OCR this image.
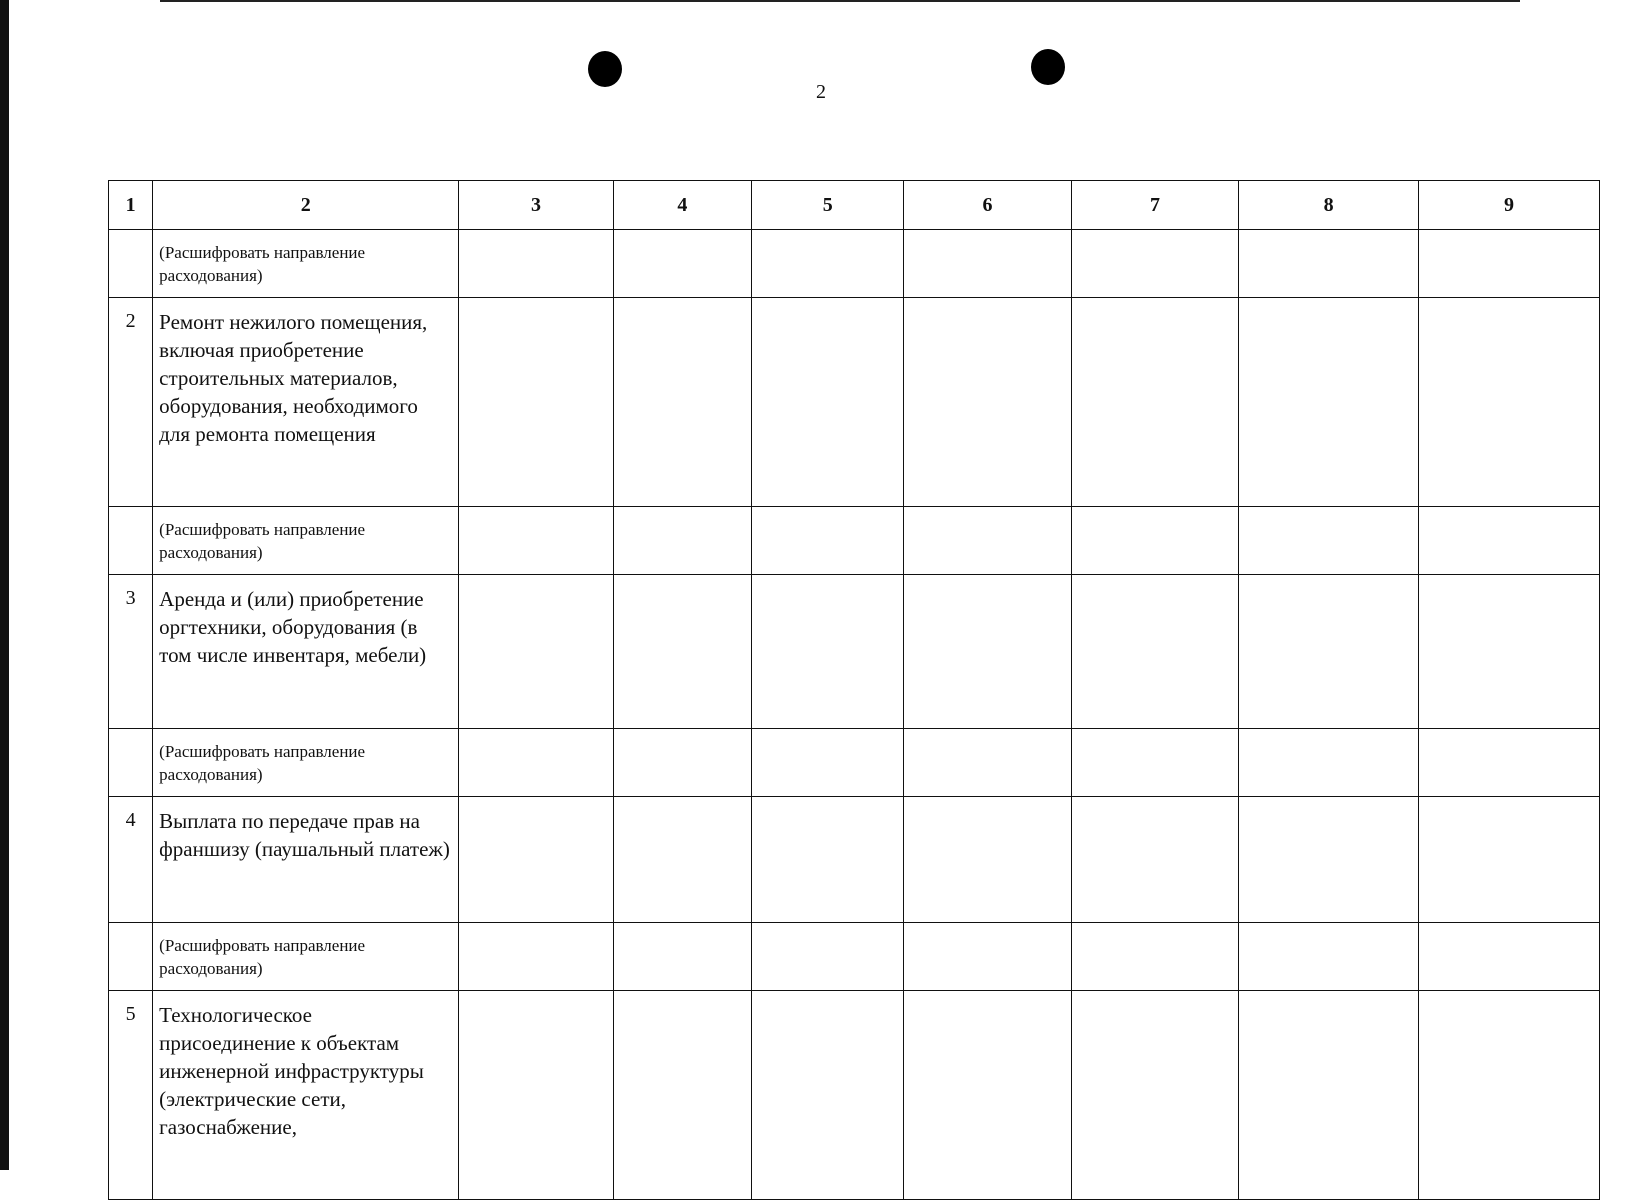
2
1	2	3	4	5	6	7	8	9
	(Расшифровать направление расходования)							
2	Ремонт нежилого помещения, включая приобретение строительных материалов, оборудования, необходимого для ремонта помещения							
	(Расшифровать направление расходования)							
3	Аренда и (или) приобретение оргтехники, оборудования (в том числе инвентаря, мебели)							
	(Расшифровать направление расходования)							
4	Выплата по передаче прав на франшизу (паушальный платеж)							
	(Расшифровать направление расходования)							
5	Технологическое присоединение к объектам инженерной инфраструктуры (электрические сети, газоснабжение,							
